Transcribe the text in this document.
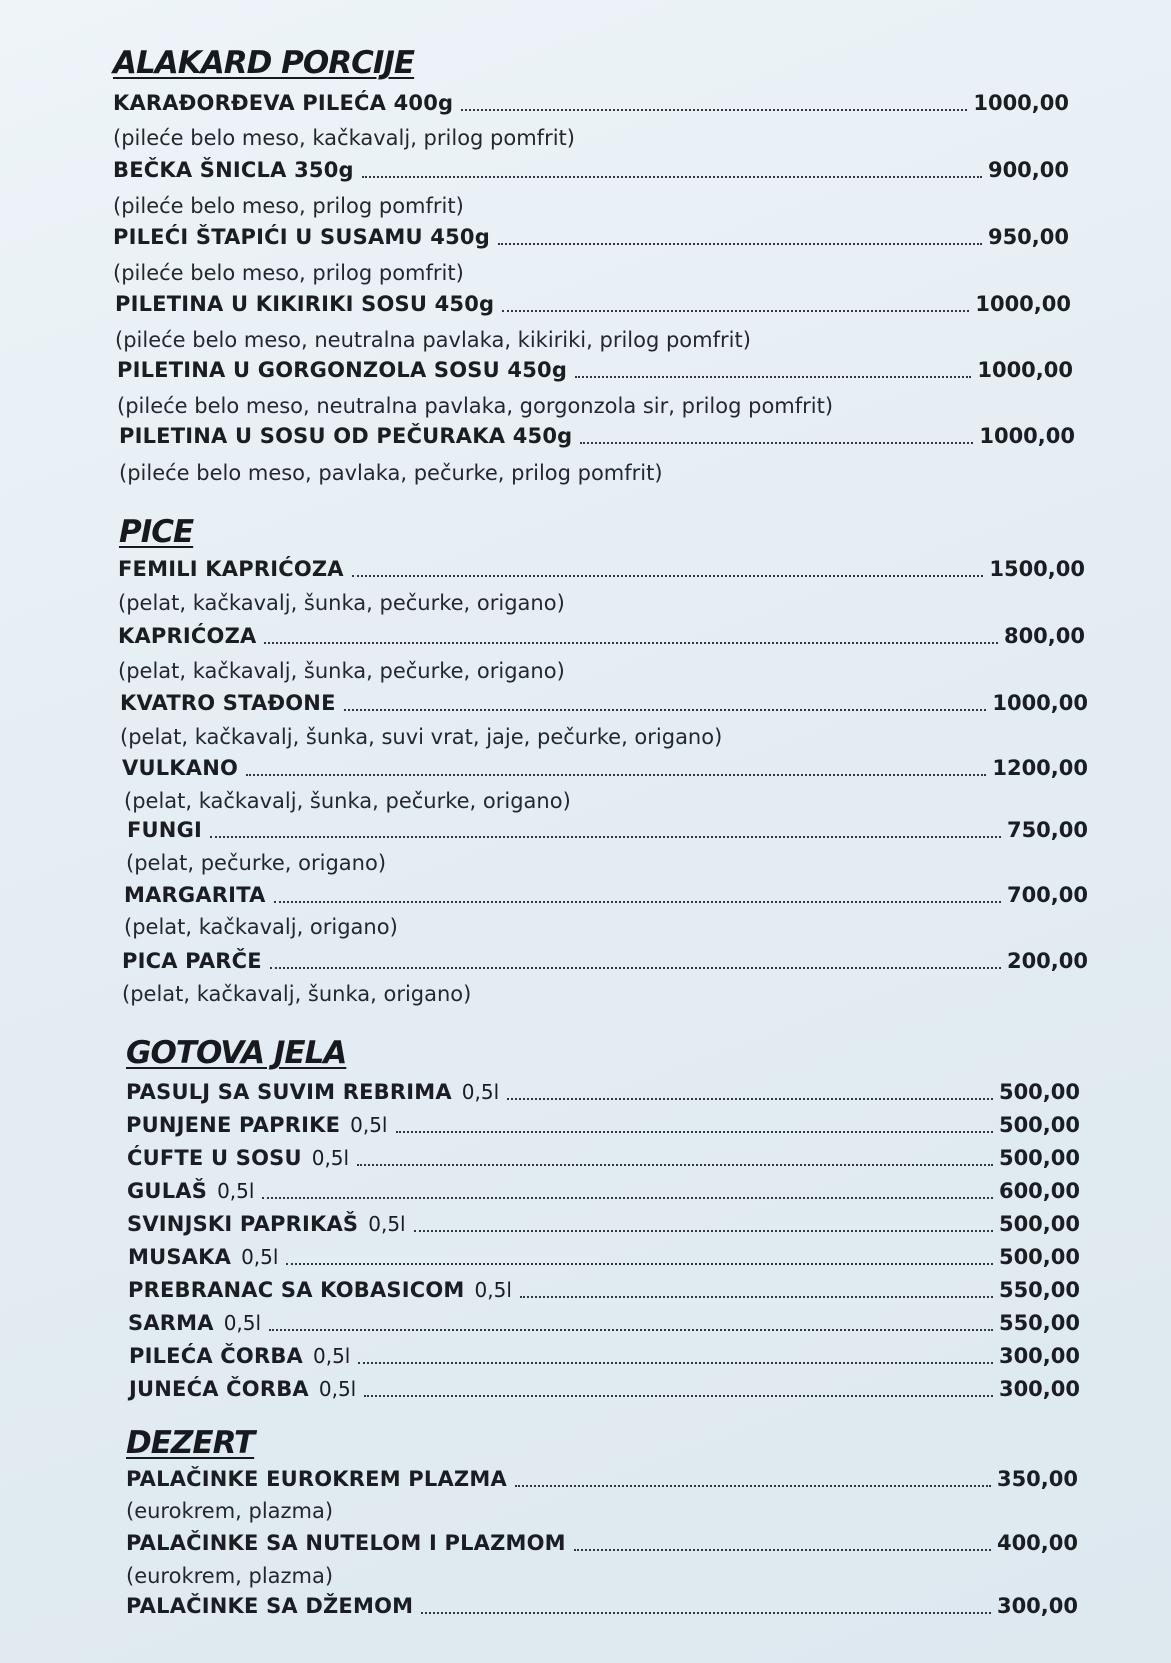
ALAKARD PORCIJE
KARAĐORĐEVA PILEĆA 400g	1000,00
(pileće belo meso, kačkavalj, prilog pomfrit)
BEČKA ŠNICLA 350g	900,00
(pileće belo meso, prilog pomfrit)
PILEĆI ŠTAPIĆI U SUSAMU 450g	950,00
(pileće belo meso, prilog pomfrit)
PILETINA U KIKIRIKI SOSU 450g	1000,00
(pileće belo meso, neutralna pavlaka, kikiriki, prilog pomfrit)
PILETINA U GORGONZOLA SOSU 450g	1000,00
(pileće belo meso, neutralna pavlaka, gorgonzola sir, prilog pomfrit)
PILETINA U SOSU OD PEČURAKA 450g	1000,00
(pileće belo meso, pavlaka, pečurke, prilog pomfrit)
PICE
FEMILI KAPRIĆOZA	1500,00
(pelat, kačkavalj, šunka, pečurke, origano)
KAPRIĆOZA	800,00
(pelat, kačkavalj, šunka, pečurke, origano)
KVATRO STAĐONE	1000,00
(pelat, kačkavalj, šunka, suvi vrat, jaje, pečurke, origano)
VULKANO	1200,00
(pelat, kačkavalj, šunka, pečurke, origano)
FUNGI	750,00
(pelat, pečurke, origano)
MARGARITA	700,00
(pelat, kačkavalj, origano)
PICA PARČE	200,00
(pelat, kačkavalj, šunka, origano)
GOTOVA JELA
PASULJ SA SUVIM REBRIMA 0,5l	500,00
PUNJENE PAPRIKE 0,5l	500,00
ĆUFTE U SOSU 0,5l	500,00
GULAŠ 0,5l	600,00
SVINJSKI PAPRIKAŠ 0,5l	500,00
MUSAKA 0,5l	500,00
PREBRANAC SA KOBASICOM 0,5l	550,00
SARMA 0,5l	550,00
PILEĆA ČORBA 0,5l	300,00
JUNEĆA ČORBA 0,5l	300,00
DEZERT
PALAČINKE EUROKREM PLAZMA	350,00
(eurokrem, plazma)
PALAČINKE SA NUTELOM I PLAZMOM	400,00
(eurokrem, plazma)
PALAČINKE SA DŽEMOM	300,00
